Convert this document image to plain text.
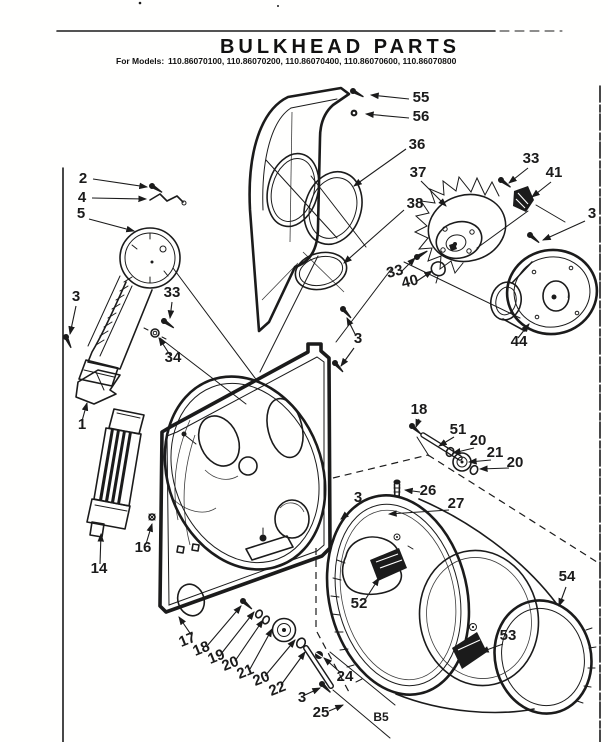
BULKHEAD PARTS
For Models: 110.86070100, 110.86070200, 110.86070400, 110.86070600, 110.86070800
B5
55
56
36
37
38
33
41
3
2
4
5
3	33
34
33
40
3	44
1
16
14
17
18
19
20
21
20
22 3
24
25
18
51
20
21
20
26
27
3
52
53
54
